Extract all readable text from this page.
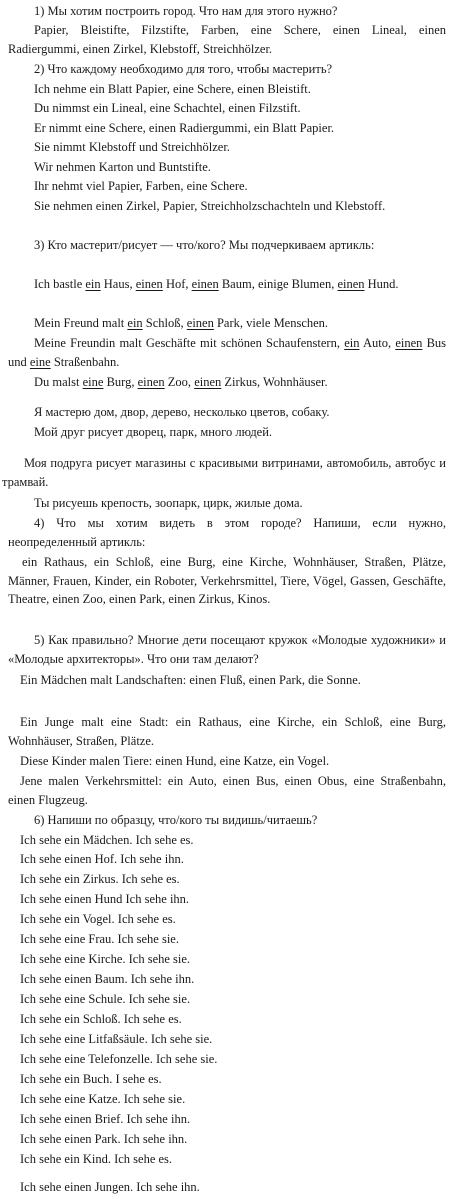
1) Мы хотим построить город. Что нам для этого нужно?
Papier, Bleistifte, Filzstifte, Farben, eine Schere, einen Lineal, einen Radiergummi, einen Zirkel, Klebstoff, Streichhölzer.
2) Что каждому необходимо для того, чтобы мастерить?
Ich nehme ein Blatt Papier, eine Schere, einen Bleistift.
Du nimmst ein Lineal, eine Schachtel, einen Filzstift.
Er nimmt eine Schere, einen Radiergummi, ein Blatt Papier.
Sie nimmt Klebstoff und Streichhölzer.
Wir nehmen Karton und Buntstifte.
Ihr nehmt viel Papier, Farben, eine Schere.
Sie nehmen einen Zirkel, Papier, Streichholzschachteln und Klebstoff.
3) Кто мастерит/рисует — что/кого? Мы подчеркиваем артикль:
Ich bastle ein Haus, einen Hof, einen Baum, einige Blumen, einen Hund.
Mein Freund malt ein Schloß, einen Park, viele Menschen.
Meine Freundin malt Geschäfte mit schönen Schaufenstern, ein Auto, einen Bus und eine Straßenbahn.
Du malst eine Burg, einen Zoo, einen Zirkus, Wohnhäuser.
Я мастерю дом, двор, дерево, несколько цветов, собаку.
Мой друг рисует дворец, парк, много людей.
Моя подруга рисует магазины с красивыми витринами, автомобиль, автобус и трамвай.
Ты рисуешь крепость, зоопарк, цирк, жилые дома.
4) Что мы хотим видеть в этом городе? Напиши, если нужно, неопределенный артикль:
ein Rathaus, ein Schloß, eine Burg, eine Kirche, Wohnhäuser, Straßen, Plätze, Männer, Frauen, Kinder, ein Roboter, Verkehrsmittel, Tiere, Vögel, Gassen, Geschäfte, Theatre, einen Zoo, einen Park, einen Zirkus, Kinos.
5) Как правильно? Многие дети посещают кружок «Молодые художники» и «Молодые архитекторы». Что они там делают?
Ein Mädchen malt Landschaften: einen Fluß, einen Park, die Sonne.
Ein Junge malt eine Stadt: ein Rathaus, eine Kirche, ein Schloß, eine Burg, Wohnhäuser, Straßen, Plätze.
Diese Kinder malen Tiere: einen Hund, eine Katze, ein Vogel.
Jene malen Verkehrsmittel: ein Auto, einen Bus, einen Obus, eine Straßenbahn, einen Flugzeug.
6) Напиши по образцу, что/кого ты видишь/читаешь?
Ich sehe ein Mädchen. Ich sehe es.
Ich sehe einen Hof. Ich sehe ihn.
Ich sehe ein Zirkus. Ich sehe es.
Ich sehe einen Hund Ich sehe ihn.
Ich sehe ein Vogel. Ich sehe es.
Ich sehe eine Frau. Ich sehe sie.
Ich sehe eine Kirche. Ich sehe sie.
Ich sehe einen Baum. Ich sehe ihn.
Ich sehe eine Schule. Ich sehe sie.
Ich sehe ein Schloß. Ich sehe es.
Ich sehe eine Litfaßsäule. Ich sehe sie.
Ich sehe eine Telefonzelle. Ich sehe sie.
Ich sehe ein Buch. I sehe es.
Ich sehe eine Katze. Ich sehe sie.
Ich sehe einen Brief. Ich sehe ihn.
Ich sehe einen Park. Ich sehe ihn.
Ich sehe ein Kind. Ich sehe es.
Ich sehe einen Jungen. Ich sehe ihn.
